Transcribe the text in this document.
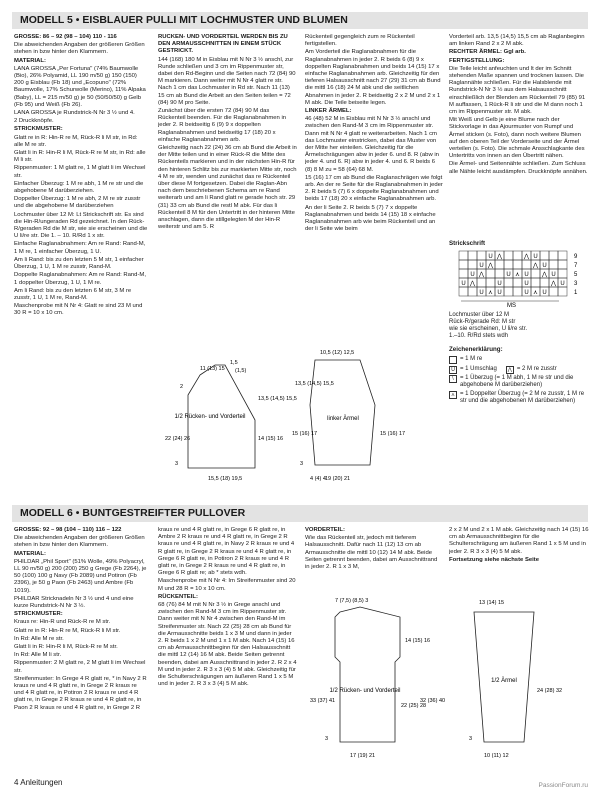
MODELL 5 • EISBLAUER PULLI MIT LOCHMUSTER UND BLUMEN

GRÖSSE: 86 – 92 (98 – 104) 110 - 116

Die abweichenden Angaben der größeren Größen stehen in bzw hinter den Klammern.

MATERIAL:

LANA GROSSA „Per Fortuna" (74% Baumwolle (Bio), 26% Polyamid, LL 190 m/50 g) 150 (150) 200 g Eisblau (Fb 18) und „Ecopuno" (72% Baumwolle, 17% Schurwolle (Merino), 11% Alpaka (Baby), LL = 215 m/50 g) je 50 (50/50/50) g Gelb (Fb 95) und Weiß (Fb 26).

LANA GROSSA je Rundstrick-N Nr 3 ½ und 4.

2 Druckknöpfe.

STRICKMUSTER:

Glatt re in R: Hin-R re M, Rück-R li M str, in Rd: alle M re str.

Glatt li in R: Hin-R li M, Rück-R re M str, in Rd: alle M li str.

Rippenmuster: 1 M glatt re, 1 M glatt li im Wechsel str.

Einfacher Überzug: 1 M re abh, 1 M re str und die abgehobene M darüberziehen.

Doppelter Überzug: 1 M re abh, 2 M re str zusstr und die abgehobene M darüberziehen

Lochmuster über 12 M: Lt Strickschrift str. Es sind die Hin-R/ungeraden Rd gezeichnet. In den Rück-R/geraden Rd die M str, wie sie erscheinen und die U li/re str. Die 1. – 10. R/Rd 1 x str.

Einfache Raglanabnahmen: Am re Rand: Rand-M, 1 M re, 1 einfacher Überzug, 1 U.

Am li Rand: bis zu den letzten 5 M str, 1 einfacher Überzug, 1 U, 1 M re zusstr, Rand-M.

Doppelte Raglanabnahmen: Am re Rand: Rand-M, 1 doppelter Überzug, 1 U, 1 M re.

Am li Rand: bis zu den letzten 6 M str, 3 M re zusstr, 1 U, 1 M re, Rand-M.

Maschenprobe mit N Nr 4: Glatt re sind 23 M und 30 R = 10 x 10 cm.

RÜCKEN- UND VORDERTEIL WERDEN BIS ZU DEN ARMAUSSCHNITTEN IN EINEM STÜCK GESTRICKT.

144 (168) 180 M in Eisblau mit N Nr 3 ½ anschl, zur Runde schließen und 3 cm im Rippenmuster str, dabei den Rd-Beginn und die Seiten nach 72 (84) 90 M markieren. Dann weiter mit N Nr 4 glatt re str. Nach 1 cm das Lochmuster in Rd str. Nach 11 (13) 15 cm ab Bund die Arbeit an den Seiten teilen = 72 (84) 90 M pro Seite.

Zunächst über die ersten 72 (84) 90 M das Rückenteil beenden. Für die Raglanabnahmen in jeder 2. R beidseitig 6 (9) 9 x doppelten Raglanabnahmen und beidseitig 17 (18) 20 x einfache Raglanabnahmen arb.

Gleichzeitig nach 22 (24) 36 cm ab Bund die Arbeit in der Mitte teilen und in einer Rück-R die Mitte des Rückenteils markieren und in der nächsten Hin-R für den hinteren Schlitz bis zur markierten Mitte str, noch 4 M re str, wenden und zunächst das re Rückenteil über diese M fortgesetzen. Dabei die Raglan-Abn nach dem beschriebenen Schema am re Rand weiterarb und am li Rand glatt re gerade hoch str. 29 (31) 33 cm ab Bund die restl M abk. Für das li Rückenteil 8 M für den Untertritt in der hinteren Mitte anschlagen, dann die stillgelegten M der Hin-R weiterstr und am 5. R

Rückenteil gegengleich zum re Rückenteil fertigstellen.

Am Vorderteil die Raglanabnahmen für die Raglanabnahmen in jeder 2. R beids 6 (8) 9 x doppelten Raglanabnahmen und beids 14 (15) 17 x einfache Raglanabnahmen arb. Gleichzeitig für den tieferen Halsausschnitt nach 27 (29) 31 cm ab Bund die mittl 16 (18) 24 M abk und die seitlichen Abnahmen in jeder 2. R beidseitig 2 x 2 M und 2 x 1 M abk. Die Teile beiseite legen.

LINKER ÄRMEL:

46 (48) 52 M in Eisblau mit N Nr 3 ½ anschl und zwischen den Rand-M 3 cm im Rippenmuster str. Dann mit N Nr 4 glatt re weiterarbeiten. Nach 1 cm das Lochmuster einstricken, dabei das Muster von der Mitte her einteilen. Gleichzeitig für die Ärmelschrägungen abw in jeder 6. und 8. R (abw in jeder 4. und 6. R) abw in jeder 4. und 6. R beids 6 (8) 8 M zu = 58 (64) 68 M.

15 (16) 17 cm ab Bund die Raglanschrägen wie folgt arb. An der re Seite für die Raglanabnahmen in jeder 2. R beids 5 (7) 6 x doppelte Raglanabnahmen und beids 17 (18) 20 x einfache Raglanabnahmen arb.

An der li Seite 2. R beids 5 (7) 7 x doppelte Raglanabnahmen und beids 14 (15) 18 x einfache Raglanabnahmen arb wie beim Rückenteil und an der li Seite wie beim

Vorderteil arb. 13,5 (14,5) 15,5 cm ab Raglanbeginn am linken Rand 2 x 2 M abk.

RECHTER ÄRMEL: Ggl arb.

FERTIGSTELLUNG:

Die Teile leicht anfeuchten und lt der im Schnitt stehenden Maße spannen und trocknen lassen. Die Raglannähte schließen. Für die Halsblende mit Rundstrick-N Nr 3 ½ aus dem Halsausschnitt einschließlich der Blenden am Rückenteil 79 (85) 91 M auffassen, 1 Rück-R li str und die M dann noch 1 cm im Rippenmuster str. M abk.

Mit Weiß und Gelb je eine Blume nach der Stickvorlage in das Ajourmuster von Rumpf und Ärmel sticken (s. Foto), dann noch weitere Blumen auf den oberen Teil der Vorderseite und der Ärmel verteilen (s. Foto). Die schmale Ansschlagkante des Untertritts von innen an den Übertritt nähen.

Die Ärmel- und Seitennähte schließen. Zum Schluss alle Nähte leicht ausdämpfen. Druckknöpfe annähen.

Strickschrift
U ⋀	⋀ U
U ⋀	⋀ U
U ⋀	U ⋏ U ⋀ U
U ⋀	U	U	⋀ U
U ⋏ U	U ⋏ U
9
7
5
3
1
MS
Lochmuster über 12 M
Rück-R/gerade Rd: M str
wie sie erscheinen, U li/re str.
1.–10. R/Rd stets wdh
Zeichenerklärung:
= 1 M re
U = 1 Umschlag	⋀ = 2 M re zusstr
\	= 1 Überzug (= 1 M abh, 1 M re str und die abgehobene M darüberziehen)
⋏ = 1 Doppelter Überzug (= 2 M re zusstr, 1 M re str und die abgehobenen M darüberziehen)
1/2 Rücken- und Vorderteil
11 (13) 15
1,5
(1,5)
2
13,5 (14,5) 15,5
22 (24) 26	14 (15) 16
15,5 (18) 19,5
3
linker Ärmel
10,5 (12) 12,5
13,5 (14,5) 15,5
15 (16) 17	15 (16) 17
19 (20) 21
3
4 (4) 4
MODELL 6 • BUNTGESTREIFTER PULLOVER

GRÖSSE: 92 – 98 (104 – 110) 116 – 122

Die abweichenden Angaben der größeren Größen stehen in bzw hinter den Klammern.

MATERIAL:

PHILDAR „Phil Sport" (51% Wolle, 49% Polyacryl, LL 90 m/50 g) 200 (200) 250 g Grege (Fb 2264), je 50 (100) 100 g Navy (Fb 2089) und Potiron (Fb 2396), je 50 g Paon (Fb 2463) und Ambre (Fb 1019).

PHILDAR Stricknadeln Nr 3 ½ und 4 und eine kurze Rundstrick-N Nr 3 ½.

STRICKMUSTER:

Kraus re: Hin-R und Rück-R re M str.

Glatt re in R: Hin-R re M, Rück-R li M str.

In Rd: Alle M re str.

Glatt li in R: Hin-R li M, Rück-R re M str.

In Rd: Alle M li str.

Rippenmuster: 2 M glatt re, 2 M glatt li im Wechsel str.

Streifenmuster: In Grege 4 R glatt re, * in Navy 2 R kraus re und 4 R glatt re, in Grege 2 R kraus re und 4 R glatt re, in Potiron 2 R kraus re und 4 R glatt re, in Grege 2 R kraus re und 4 R glatt re, in Paon 2 R kraus re und 4 R glatt re, in Grege 2 R

kraus re und 4 R glatt re, in Grege 6 R glatt re, in Ambre 2 R kraus re und 4 R glatt re, in Grege 2 R kraus re und 4 R glatt re, in Navy 2 R kraus re und 4 R glatt re, in Grege 2 R kraus re und 4 R glatt re, in Grege 6 R glatt re, in Potiron 2 R kraus re und 4 R glatt re, in Grege 2 R kraus re und 4 R glatt re, in Grege 6 R glatt re; ab * stets wdh.

Maschenprobe mit N Nr 4: Im Streifenmuster sind 20 M und 28 R = 10 x 10 cm.

RÜCKENTEIL:

68 (76) 84 M mit N Nr 3 ½ in Grege anschl und zwischen den Rand-M 3 cm im Rippenmuster str. Dann weiter mit N Nr 4 zwischen den Rand-M im Streifenmuster str. Nach 22 (25) 28 cm ab Bund für die Armausschnitte beids 1 x 3 M und dann in jeder 2. R beids 1 x 2 M und 1 x 1 M abk. Nach 14 (15) 16 cm ab Armausschnittbeginn für den Halsausschnitt die mittl 12 (14) 16 M abk. Beide Seiten getrennt beenden, dabei am Ausschnittrand in jeder 2. R 2 x 4 M und in jeder 2. R 3 x 3 (4) 5 M abk. Gleichzeitig für die Schulterschrägungen am äußeren Rand 1 x 5 M und in jeder 2. R 3 x 3 (4) 5 M abk.

VORDERTEIL:

Wie das Rückenteil str, jedoch mit tieferem Halsausschnitt. Dafür nach 11 (12) 13 cm ab Armausschnitte die mittl 10 (12) 14 M abk. Beide Seiten getrennt beenden, dabei am Ausschnittrand in jeder 2. R 1 x 3 M,

2 x 2 M und 2 x 1 M abk. Gleichzeitig nach 14 (15) 16 cm ab Armausschnittbeginn für die Schulterschrägung am äußeren Rand 1 x 5 M und in jeder 2. R 3 x 3 (4) 5 M abk.

Fortsetzung siehe nächste Seite

1/2 Rücken- und Vorderteil
7 (7,5) (8,5) 3
14 (15) 16
33 (37) 41
22 (25) 28
32 (36) 40
17 (19) 21
3
1/2 Ärmel
13 (14) 15
24 (28) 32
10 (11) 12
3
4 Anleitungen	PassionForum.ru
